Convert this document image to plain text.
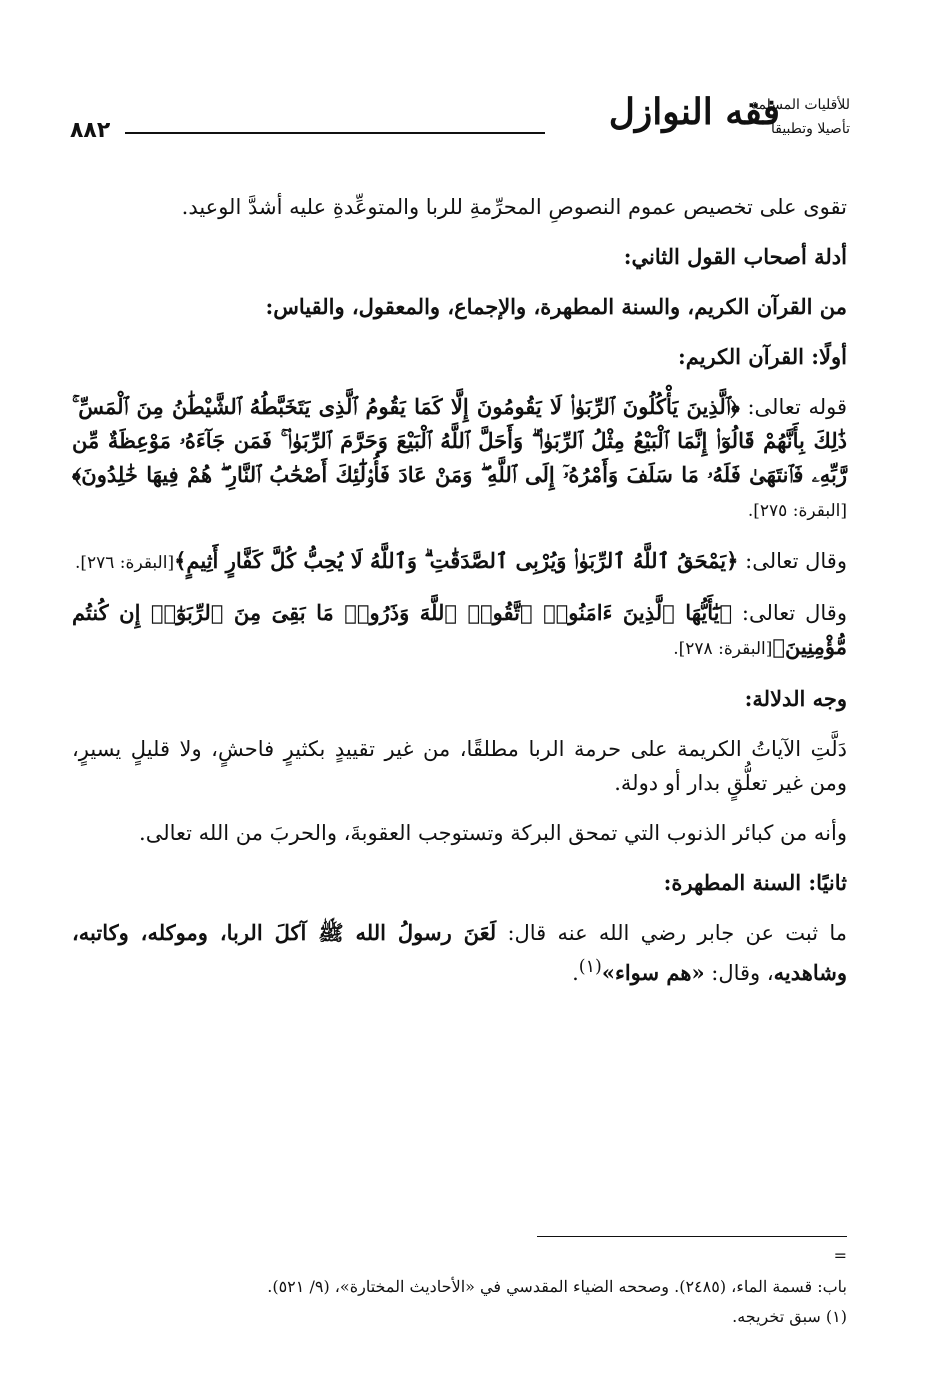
٨٨٢	فقه النوازل
للأقليات المسلمة
تأصيلا وتطبيقا

تقوى على تخصيص عموم النصوصِ المحرِّمةِ للربا والمتوعِّدةِ عليه أشدَّ الوعيد.

أدلة أصحاب القول الثاني:

من القرآن الكريم، والسنة المطهرة، والإجماع، والمعقول، والقياس:

أولًا: القرآن الكريم:

قوله تعالى: ﴿ٱلَّذِينَ يَأْكُلُونَ ٱلرِّبَوٰا۟ لَا يَقُومُونَ إِلَّا كَمَا يَقُومُ ٱلَّذِى يَتَخَبَّطُهُ ٱلشَّيْطَٰنُ مِنَ ٱلْمَسِّ ۚ ذَٰلِكَ بِأَنَّهُمْ قَالُوٓا۟ إِنَّمَا ٱلْبَيْعُ مِثْلُ ٱلرِّبَوٰا۟ ۗ وَأَحَلَّ ٱللَّهُ ٱلْبَيْعَ وَحَرَّمَ ٱلرِّبَوٰا۟ ۚ فَمَن جَآءَهُۥ مَوْعِظَةٌ مِّن رَّبِّهِۦ فَٱنتَهَىٰ فَلَهُۥ مَا سَلَفَ وَأَمْرُهُۥٓ إِلَى ٱللَّهِ ۖ وَمَنْ عَادَ فَأُو۟لَٰٓئِكَ أَصْحَٰبُ ٱلنَّارِ ۖ هُمْ فِيهَا خَٰلِدُونَ﴾[البقرة: ٢٧٥].

وقال تعالى: ﴿يَمْحَقُ ٱللَّهُ ٱلرِّبَوٰا۟ وَيُرْبِى ٱلصَّدَقَٰتِ ۗ وَٱللَّهُ لَا يُحِبُّ كُلَّ كَفَّارٍ أَثِيمٍ﴾[البقرة: ٢٧٦].

وقال تعالى: ﴿يَٰٓأَيُّهَا ٱلَّذِينَ ءَامَنُوا۟ ٱتَّقُوا۟ ٱللَّهَ وَذَرُوا۟ مَا بَقِىَ مِنَ ٱلرِّبَوٰٓا۟ إِن كُنتُم مُّؤْمِنِينَ﴾[البقرة: ٢٧٨].

وجه الدلالة:

دَلَّتِ الآياتُ الكريمة على حرمة الربا مطلقًا، من غير تقييدٍ بكثيرٍ فاحشٍ، ولا قليلٍ يسيرٍ، ومن غير تعلُّقٍ بدار أو دولة.

وأنه من كبائر الذنوب التي تمحق البركة وتستوجب العقوبةَ، والحربَ من الله تعالى.

ثانيًا: السنة المطهرة:

ما ثبت عن جابر رضي الله عنه قال: لَعَنَ رسولُ الله ﷺ آكلَ الربا، وموكله، وكاتبه، وشاهديه، وقال: «هم سواء»$^{(١)}$.

=

باب: قسمة الماء، (٢٤٨٥). وصححه الضياء المقدسي في «الأحاديث المختارة»، (٩/ ٥٢١).

(١) سبق تخريجه.
